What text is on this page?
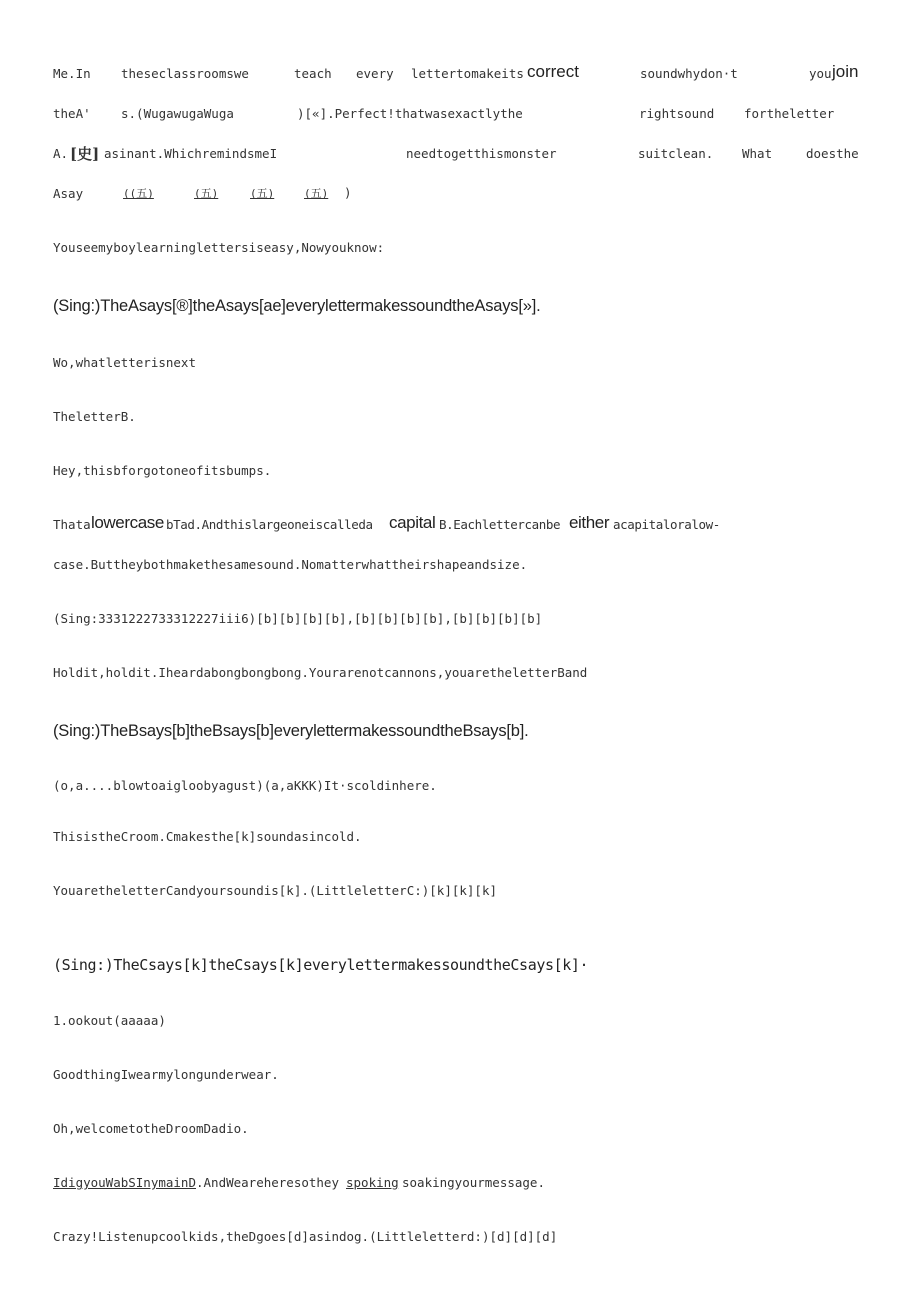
Me.In theseclassroomswe	teach every lettertomakeits correct	soundwhydon·t	you join
theA' s.(WugawugaWuga	)[«].Perfect!thatwasexactlythe	rightsound fortheletter
A. [史] asinant.WhichremindsmeI	needtogetthismonster	suitclean. What	doesthe
Asay	((五)	(五)	(五)	(五) )
Youseemyboylearninglettersiseasy,Nowyouknow:
(Sing:)TheAsays[®]theAsays[ae]everylettermakessoundtheAsays[»].
Wo,whatletterisnext
TheletterB.
Hey,thisbforgotoneofitsbumps.
Thata lowercase bTad.Andthislargeoneiscalleda capital B.Eachlettercanbe either acapitaloralow-
case.Buttheybothmakethesamesound.Nomatterwhattheirshapeandsize.
(Sing:3331222733312227iii6)[b][b][b][b],[b][b][b][b],[b][b][b][b]
Holdit,holdit.Iheardabongbongbong.Yourarenotcannons,youaretheletterBand
(Sing:)TheBsays[b]theBsays[b]everylettermakessoundtheBsays[b].
(o,a....blowtoaigloobyagust)(a,aKKK)It·scoldinhere.
ThisistheCroom.Cmakesthe[k]soundasincold.
YouaretheletterCandyoursoundis[k].(LittleletterC:)[k][k][k]
(Sing:)TheCsays[k]theCsays[k]everylettermakessoundtheCsays[k]·
1.ookout(aaaaa)
GoodthingIwearmylongunderwear.
Oh,welcometotheDroomDadio.
IdigyouWabSInymainD .AndWeareheresothey spoking soakingyourmessage.
Crazy!Listenupcoolkids,theDgoes[d]asindog.(Littleletterd:)[d][d][d]
